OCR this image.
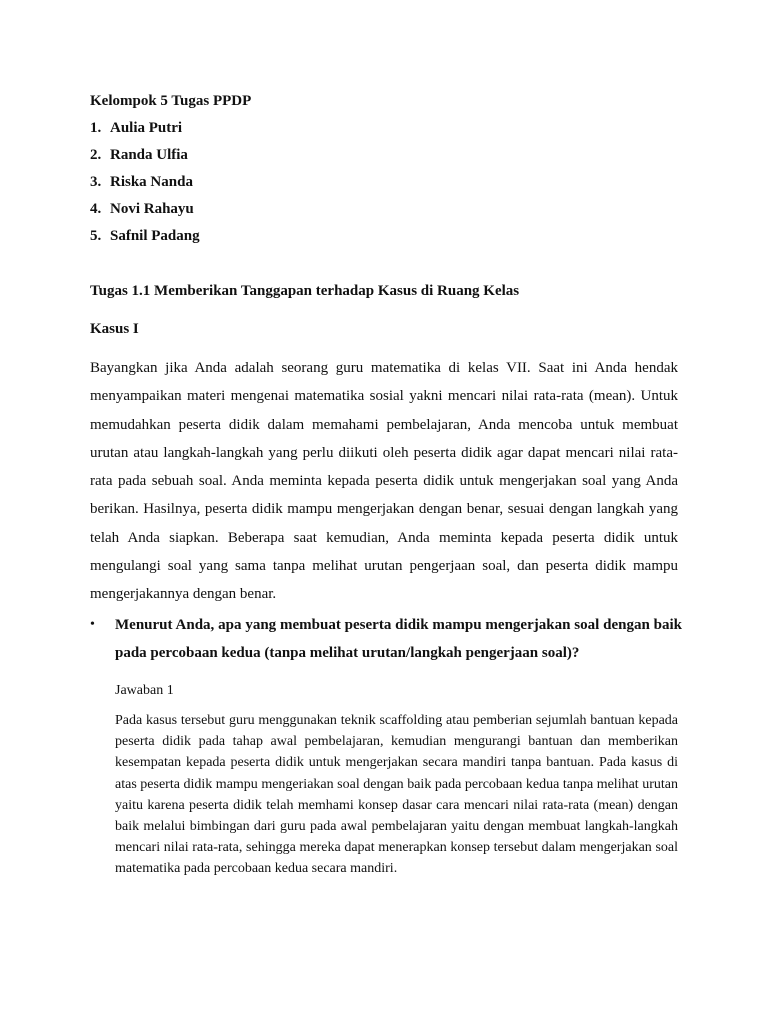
Kelompok 5 Tugas PPDP
1. Aulia Putri
2. Randa Ulfia
3. Riska Nanda
4. Novi Rahayu
5. Safnil Padang
Tugas 1.1 Memberikan Tanggapan terhadap Kasus di Ruang Kelas
Kasus I

Bayangkan jika Anda adalah seorang guru matematika di kelas VII. Saat ini Anda hendak menyampaikan materi mengenai matematika sosial yakni mencari nilai rata-rata (mean). Untuk memudahkan peserta didik dalam memahami pembelajaran, Anda mencoba untuk membuat urutan atau langkah-langkah yang perlu diikuti oleh peserta didik agar dapat mencari nilai rata-rata pada sebuah soal. Anda meminta kepada peserta didik untuk mengerjakan soal yang Anda berikan. Hasilnya, peserta didik mampu mengerjakan dengan benar, sesuai dengan langkah yang telah Anda siapkan. Beberapa saat kemudian, Anda meminta kepada peserta didik untuk mengulangi soal yang sama tanpa melihat urutan pengerjaan soal, dan peserta didik mampu mengerjakannya dengan benar.

• Menurut Anda, apa yang membuat peserta didik mampu mengerjakan soal dengan baik pada percobaan kedua (tanpa melihat urutan/langkah pengerjaan soal)?

Jawaban 1

Pada kasus tersebut guru menggunakan teknik scaffolding atau pemberian sejumlah bantuan kepada peserta didik pada tahap awal pembelajaran, kemudian mengurangi bantuan dan memberikan kesempatan kepada peserta didik untuk mengerjakan secara mandiri tanpa bantuan. Pada kasus di atas peserta didik mampu mengeriakan soal dengan baik pada percobaan kedua tanpa melihat urutan yaitu karena peserta didik telah memhami konsep dasar cara mencari nilai rata-rata (mean) dengan baik melalui bimbingan dari guru pada awal pembelajaran yaitu dengan membuat langkah-langkah mencari nilai rata-rata, sehingga mereka dapat menerapkan konsep tersebut dalam mengerjakan soal matematika pada percobaan kedua secara mandiri.
